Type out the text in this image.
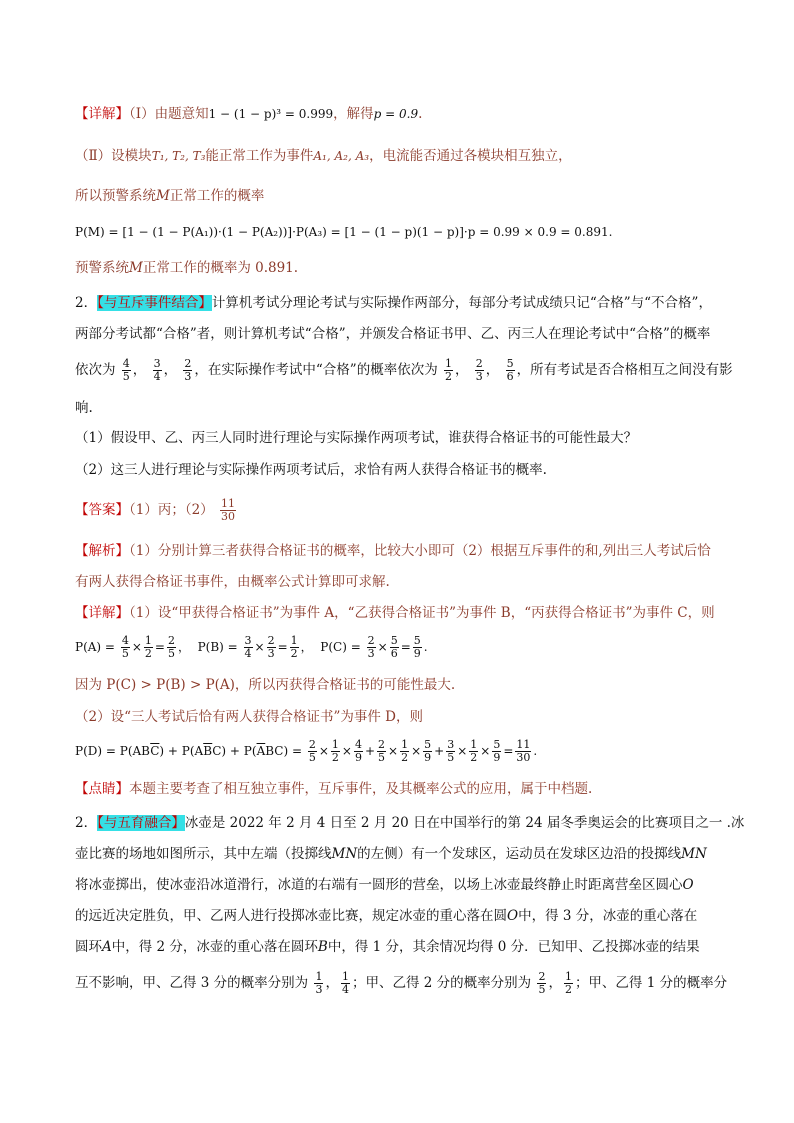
【详解】（Ⅰ）由题意知1 − (1 − p)³ = 0.999，解得p = 0.9.
（Ⅱ）设模块T₁, T₂, T₃能正常工作为事件A₁, A₂, A₃，电流能否通过各模块相互独立，
所以预警系统M正常工作的概率
P(M) = [1 − (1 − P(A₁))·(1 − P(A₂))]·P(A₃) = [1 − (1 − p)(1 − p)]·p = 0.99 × 0.9 = 0.891.
预警系统M正常工作的概率为 0.891.
2．【与互斥事件结合】计算机考试分理论考试与实际操作两部分，每部分考试成绩只记“合格”与“不合格”，
两部分考试都“合格”者，则计算机考试“合格”，并颁发合格证书甲、乙、丙三人在理论考试中“合格”的概率
依次为 $\frac{4}{5}$ ， $\frac{3}{4}$ ， $\frac{2}{3}$ ，在实际操作考试中“合格”的概率依次为 $\frac{1}{2}$ ， $\frac{2}{3}$ ， $\frac{5}{6}$ ，所有考试是否合格相互之间没有影
响.
（1）假设甲、乙、丙三人同时进行理论与实际操作两项考试，谁获得合格证书的可能性最大？
（2）这三人进行理论与实际操作两项考试后，求恰有两人获得合格证书的概率.
【答案】（1）丙；$(2) \frac{11}{30}$
【解析】（1）分别计算三者获得合格证书的概率，比较大小即可（2）根据互斥事件的和,列出三人考试后恰
有两人获得合格证书事件，由概率公式计算即可求解.
【详解】（1）设“甲获得合格证书”为事件 A，“乙获得合格证书”为事件 B，“丙获得合格证书”为事件 C，则
$P(A) = \frac{4}{5} \times \frac{1}{2} = \frac{2}{5}$ ，  $P(B) = \frac{3}{4} \times \frac{2}{3} = \frac{1}{2}$ ，  $P(C) = \frac{2}{3} \times \frac{5}{6} = \frac{5}{9}$ .
因为 P(C) > P(B) > P(A)，所以丙获得合格证书的可能性最大.
（2）设“三人考试后恰有两人获得合格证书”为事件 D，则
$P(D) = P(AB\overline{C}) + P(A\overline{B}C) + P(\overline{A}BC) = \frac{2}{5} \times \frac{1}{2} \times \frac{4}{9} + \frac{2}{5} \times \frac{1}{2} \times \frac{5}{9} + \frac{3}{5} \times \frac{1}{2} \times \frac{5}{9} = \frac{11}{30}$ .
【点睛】本题主要考查了相互独立事件，互斥事件，及其概率公式的应用，属于中档题.
2．【与五育融合】冰壶是 2022 年 2 月 4 日至 2 月 20 日在中国举行的第 24 届冬季奥运会的比赛项目之一 .冰
壶比赛的场地如图所示，其中左端（投掷线MN的左侧）有一个发球区，运动员在发球区边沿的投掷线MN
将冰壶掷出，使冰壶沿冰道滑行，冰道的右端有一圆形的营垒，以场上冰壶最终静止时距离营垒区圆心O
的远近决定胜负，甲、乙两人进行投掷冰壶比赛，规定冰壶的重心落在圆O中，得 3 分，冰壶的重心落在
圆环A中，得 2 分，冰壶的重心落在圆环B中，得 1 分，其余情况均得 0 分．已知甲、乙投掷冰壶的结果
互不影响，甲、乙得 3 分的概率分别为 $\frac{1}{3}$ ， $\frac{1}{4}$ ；甲、乙得 2 分的概率分别为 $\frac{2}{5}$ ， $\frac{1}{2}$ ；甲、乙得 1 分的概率分
